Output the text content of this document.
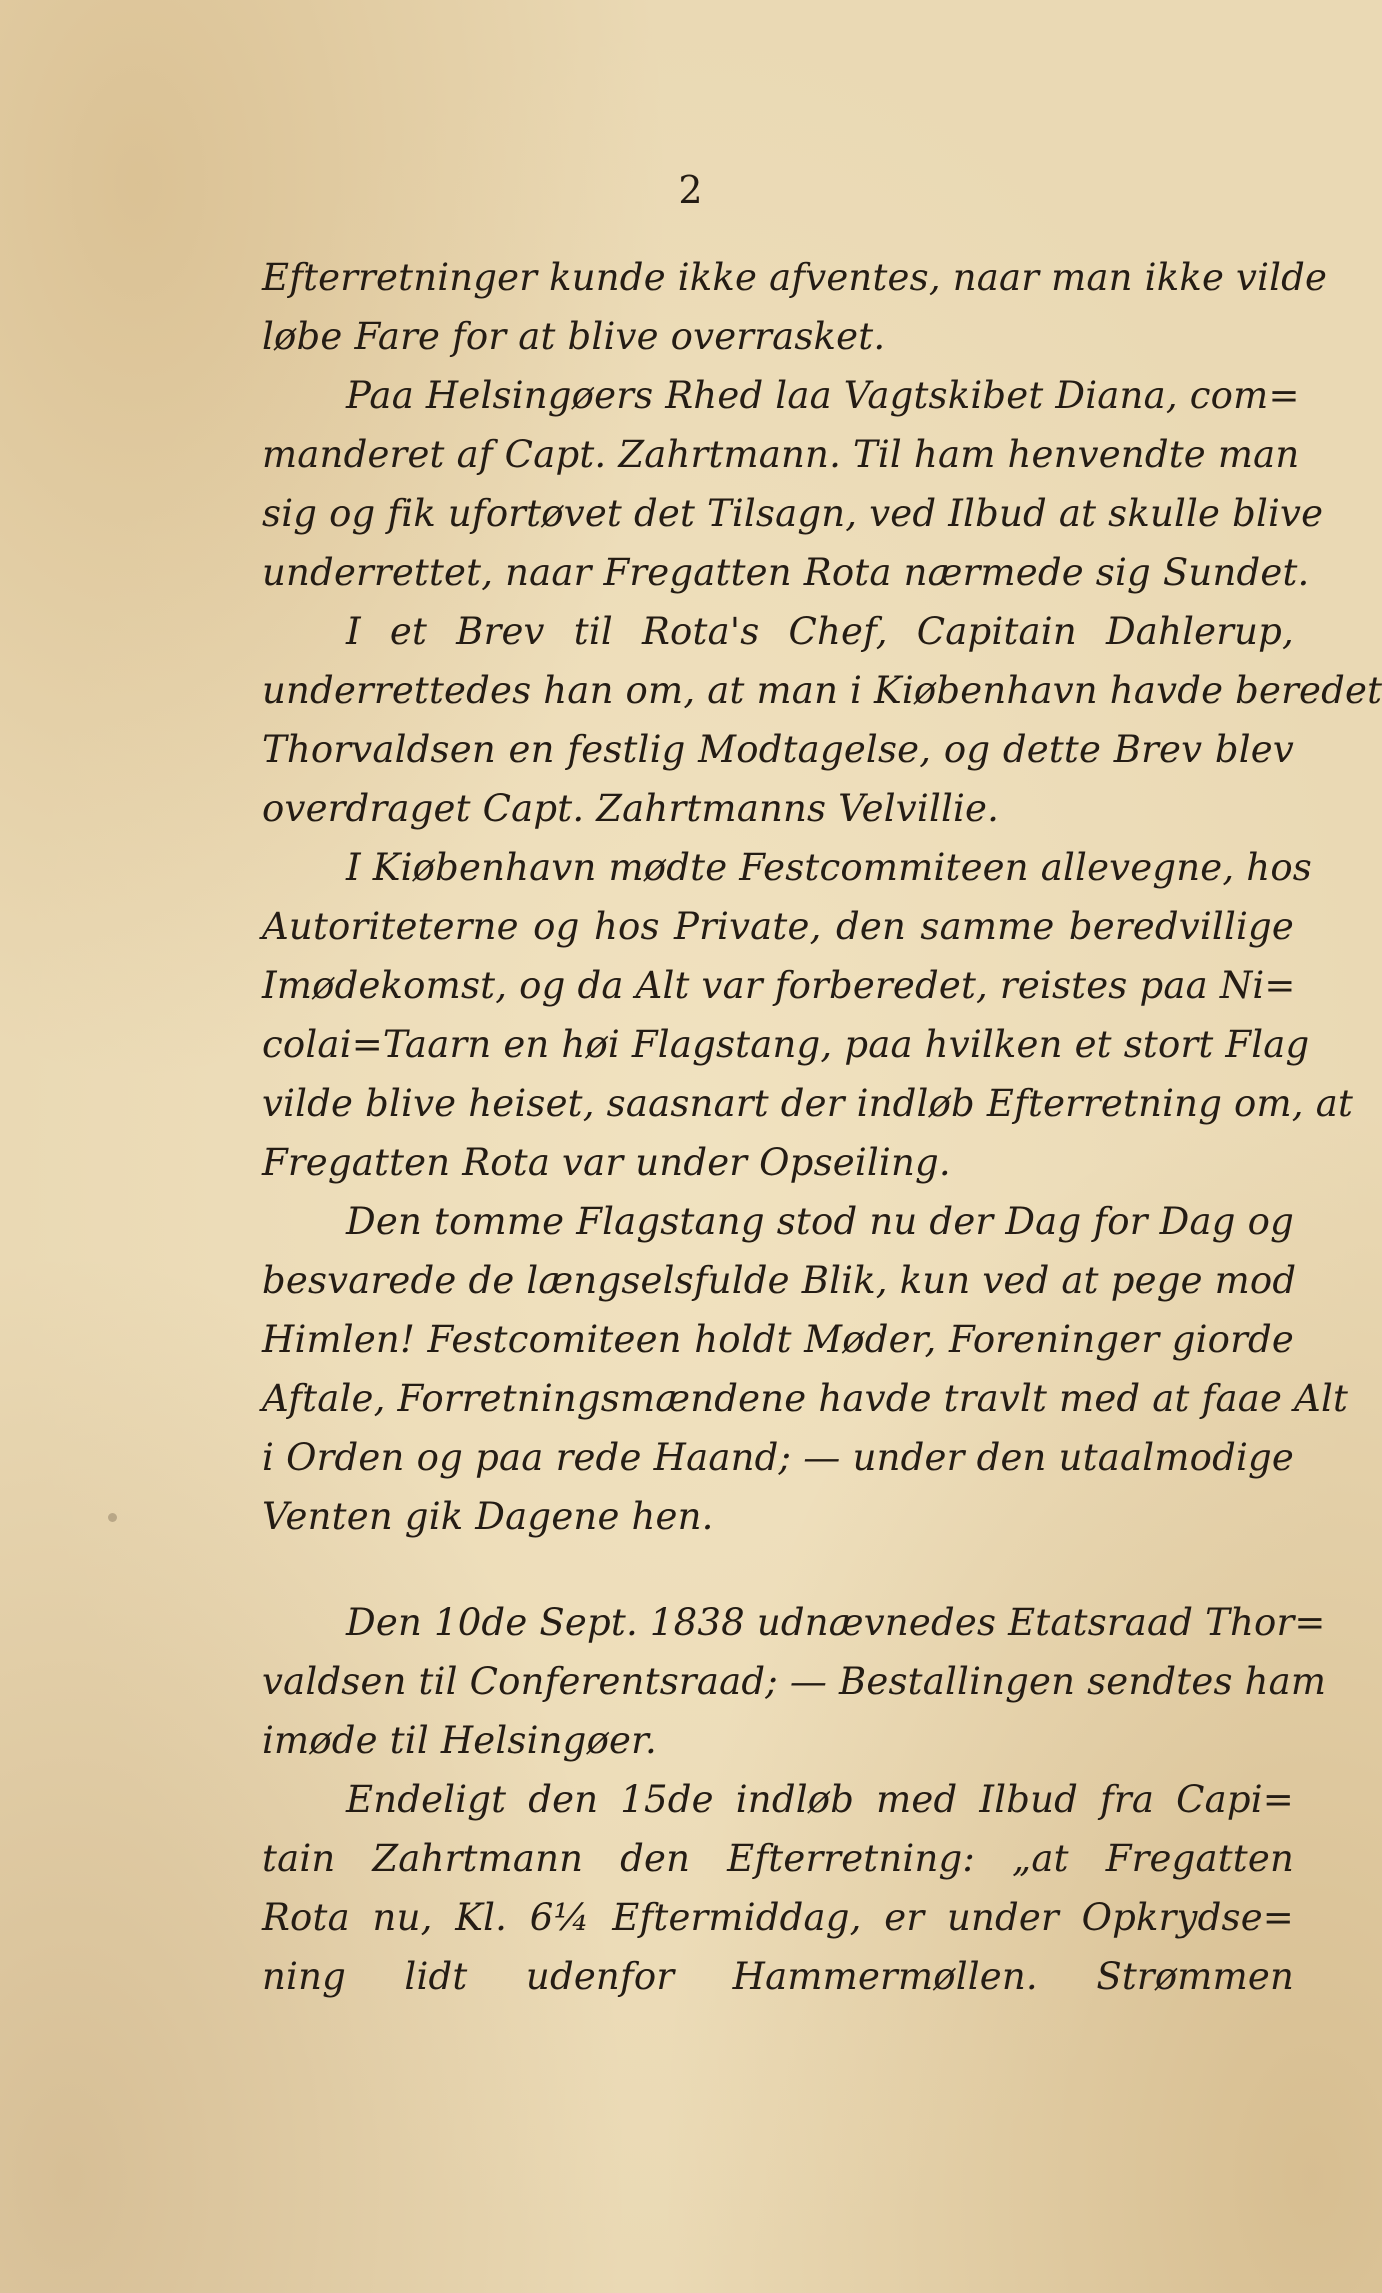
2
Efterretninger kunde ikke afventes, naar man ikke vilde
løbe Fare for at blive overrasket.
Paa Helsingøers Rhed laa Vagtskibet Diana, com=
manderet af Capt. Zahrtmann. Til ham henvendte man
sig og fik ufortøvet det Tilsagn, ved Ilbud at skulle blive
underrettet, naar Fregatten Rota nærmede sig Sundet.
I et Brev til Rota's Chef, Capitain Dahlerup,
underrettedes han om, at man i Kiøbenhavn havde beredet
Thorvaldsen en festlig Modtagelse, og dette Brev blev
overdraget Capt. Zahrtmanns Velvillie.
I Kiøbenhavn mødte Festcommiteen allevegne, hos
Autoriteterne og hos Private, den samme beredvillige
Imødekomst, og da Alt var forberedet, reistes paa Ni=
colai=Taarn en høi Flagstang, paa hvilken et stort Flag
vilde blive heiset, saasnart der indløb Efterretning om, at
Fregatten Rota var under Opseiling.
Den tomme Flagstang stod nu der Dag for Dag og
besvarede de længselsfulde Blik, kun ved at pege mod
Himlen! Festcomiteen holdt Møder, Foreninger giorde
Aftale, Forretningsmændene havde travlt med at faae Alt
i Orden og paa rede Haand; — under den utaalmodige
Venten gik Dagene hen.
Den 10de Sept. 1838 udnævnedes Etatsraad Thor=
valdsen til Conferentsraad; — Bestallingen sendtes ham
imøde til Helsingøer.
Endeligt den 15de indløb med Ilbud fra Capi=
tain Zahrtmann den Efterretning: „at Fregatten
Rota nu, Kl. 6¼ Eftermiddag, er under Opkrydse=
ning lidt udenfor Hammermøllen. Strømmen
